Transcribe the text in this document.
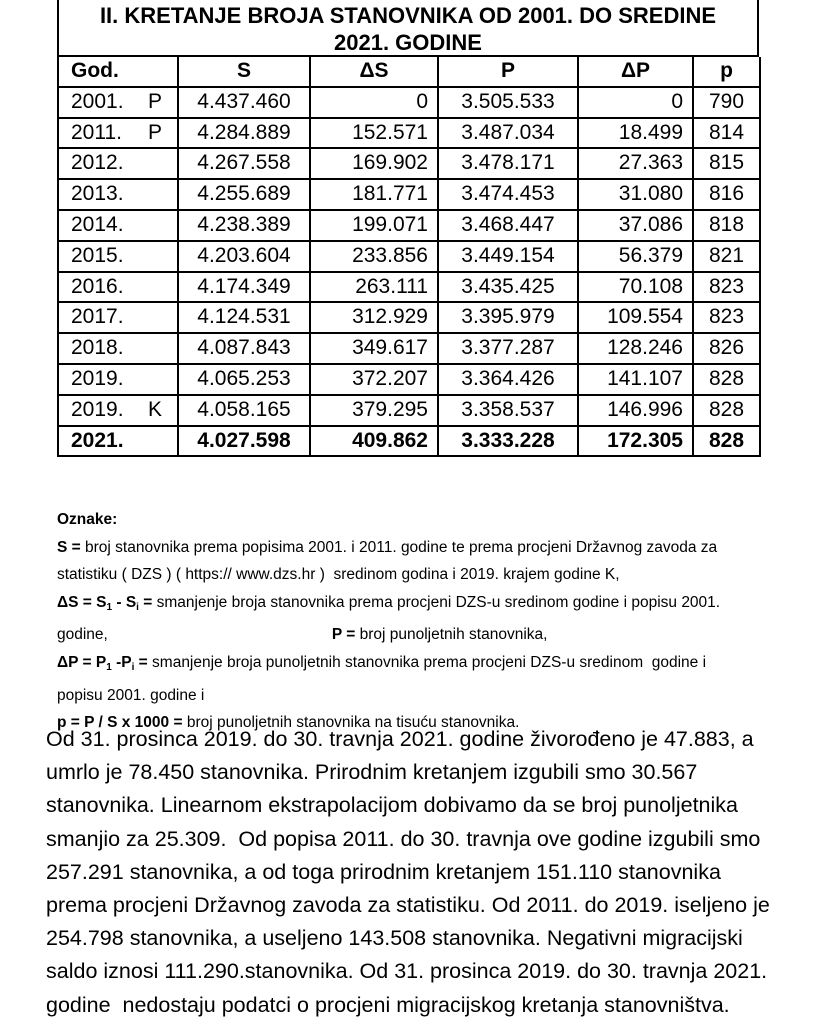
II. KRETANJE BROJA STANOVNIKA OD 2001. DO SREDINE
2021. GODINE
God.	S	ΔS	P	ΔP	p
2001. P	4.437.460	0	3.505.533	0	790
2011. P	4.284.889	152.571	3.487.034	18.499	814
2012.	4.267.558	169.902	3.478.171	27.363	815
2013.	4.255.689	181.771	3.474.453	31.080	816
2014.	4.238.389	199.071	3.468.447	37.086	818
2015.	4.203.604	233.856	3.449.154	56.379	821
2016.	4.174.349	263.111	3.435.425	70.108	823
2017.	4.124.531	312.929	3.395.979	109.554	823
2018.	4.087.843	349.617	3.377.287	128.246	826
2019.	4.065.253	372.207	3.364.426	141.107	828
2019. K	4.058.165	379.295	3.358.537	146.996	828
2021.	4.027.598	409.862	3.333.228	172.305	828
Oznake:
S = broj stanovnika prema popisima 2001. i 2011. godine te prema procjeni Državnog zavoda za
statistiku ( DZS ) ( https:// www.dzs.hr )  sredinom godina i 2019. krajem godine K,
$\Delta S = S_1 - S_i$ = smanjenje broja stanovnika prema procjeni DZS-u sredinom godine i popisu 2001.
godine,	P = broj punoljetnih stanovnika,
$\Delta P = P_1$ $-P_i$ = smanjenje broja punoljetnih stanovnika prema procjeni DZS-u sredinom  godine i
popisu 2001. godine i
p = P / S x 1000 = broj punoljetnih stanovnika na tisuću stanovnika.
Od 31. prosinca 2019. do 30. travnja 2021. godine živorođeno je 47.883, a
umrlo je 78.450 stanovnika. Prirodnim kretanjem izgubili smo 30.567
stanovnika. Linearnom ekstrapolacijom dobivamo da se broj punoljetnika
smanjio za 25.309.  Od popisa 2011. do 30. travnja ove godine izgubili smo
257.291 stanovnika, a od toga prirodnim kretanjem 151.110 stanovnika
prema procjeni Državnog zavoda za statistiku. Od 2011. do 2019. iseljeno je
254.798 stanovnika, a useljeno 143.508 stanovnika. Negativni migracijski
saldo iznosi 111.290.stanovnika. Od 31. prosinca 2019. do 30. travnja 2021.
godine  nedostaju podatci o procjeni migracijskog kretanja stanovništva.
